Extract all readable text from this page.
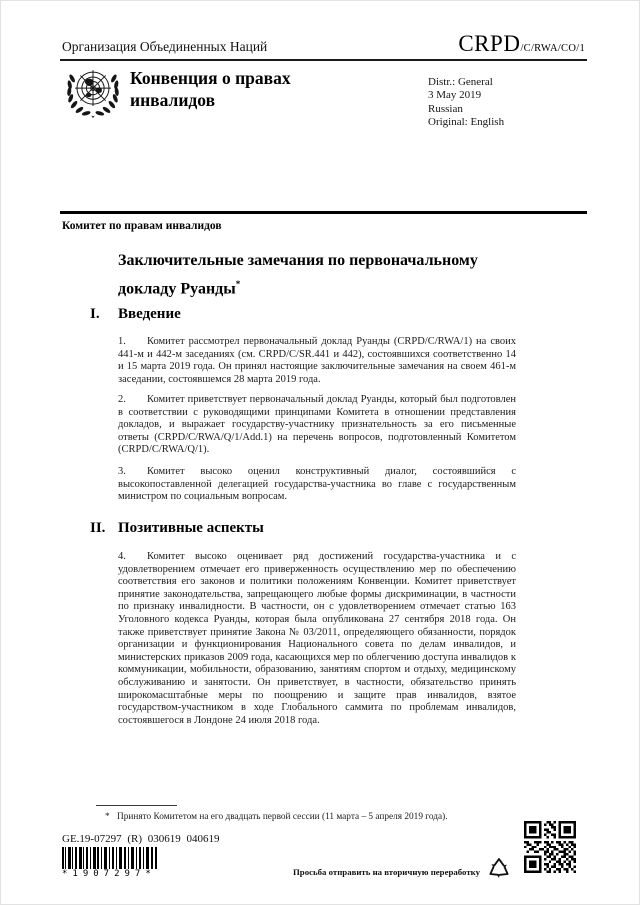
Организация Объединенных Наций	CRPD /C/RWA/CO/1
Конвенция о правах инвалидов
Distr.: General
3 May 2019
Russian
Original: English
Комитет по правам инвалидов
Заключительные замечания по первоначальному докладу Руанды*
I. Введение
1. Комитет рассмотрел первоначальный доклад Руанды (CRPD/C/RWA/1) на своих 441-м и 442-м заседаниях (см. CRPD/C/SR.441 и 442), состоявшихся соответственно 14 и 15 марта 2019 года. Он принял настоящие заключительные замечания на своем 461-м заседании, состоявшемся 28 марта 2019 года.
2. Комитет приветствует первоначальный доклад Руанды, который был подготовлен в соответствии с руководящими принципами Комитета в отношении представления докладов, и выражает государству-участнику признательность за его письменные ответы (CRPD/C/RWA/Q/1/Add.1) на перечень вопросов, подготовленный Комитетом (CRPD/C/RWA/Q/1).
3. Комитет высоко оценил конструктивный диалог, состоявшийся с высокопоставленной делегацией государства-участника во главе с государственным министром по социальным вопросам.
II. Позитивные аспекты
4. Комитет высоко оценивает ряд достижений государства-участника и с удовлетворением отмечает его приверженность осуществлению мер по обеспечению соответствия его законов и политики положениям Конвенции. Комитет приветствует принятие законодательства, запрещающего любые формы дискриминации, в частности по признаку инвалидности. В частности, он с удовлетворением отмечает статью 163 Уголовного кодекса Руанды, которая была опубликована 27 сентября 2018 года. Он также приветствует принятие Закона № 03/2011, определяющего обязанности, порядок организации и функционирования Национального совета по делам инвалидов, и министерских приказов 2009 года, касающихся мер по облегчению доступа инвалидов к коммуникации, мобильности, образованию, занятиям спортом и отдыху, медицинскому обслуживанию и занятости. Он приветствует, в частности, обязательство принять широкомасштабные меры по поощрению и защите прав инвалидов, взятое государством-участником в ходе Глобального саммита по проблемам инвалидов, состоявшегося в Лондоне 24 июля 2018 года.
* Принято Комитетом на его двадцать первой сессии (11 марта – 5 апреля 2019 года).
GE.19-07297 (R) 030619 040619
*1907297*	Просьба отправить на вторичную переработку
